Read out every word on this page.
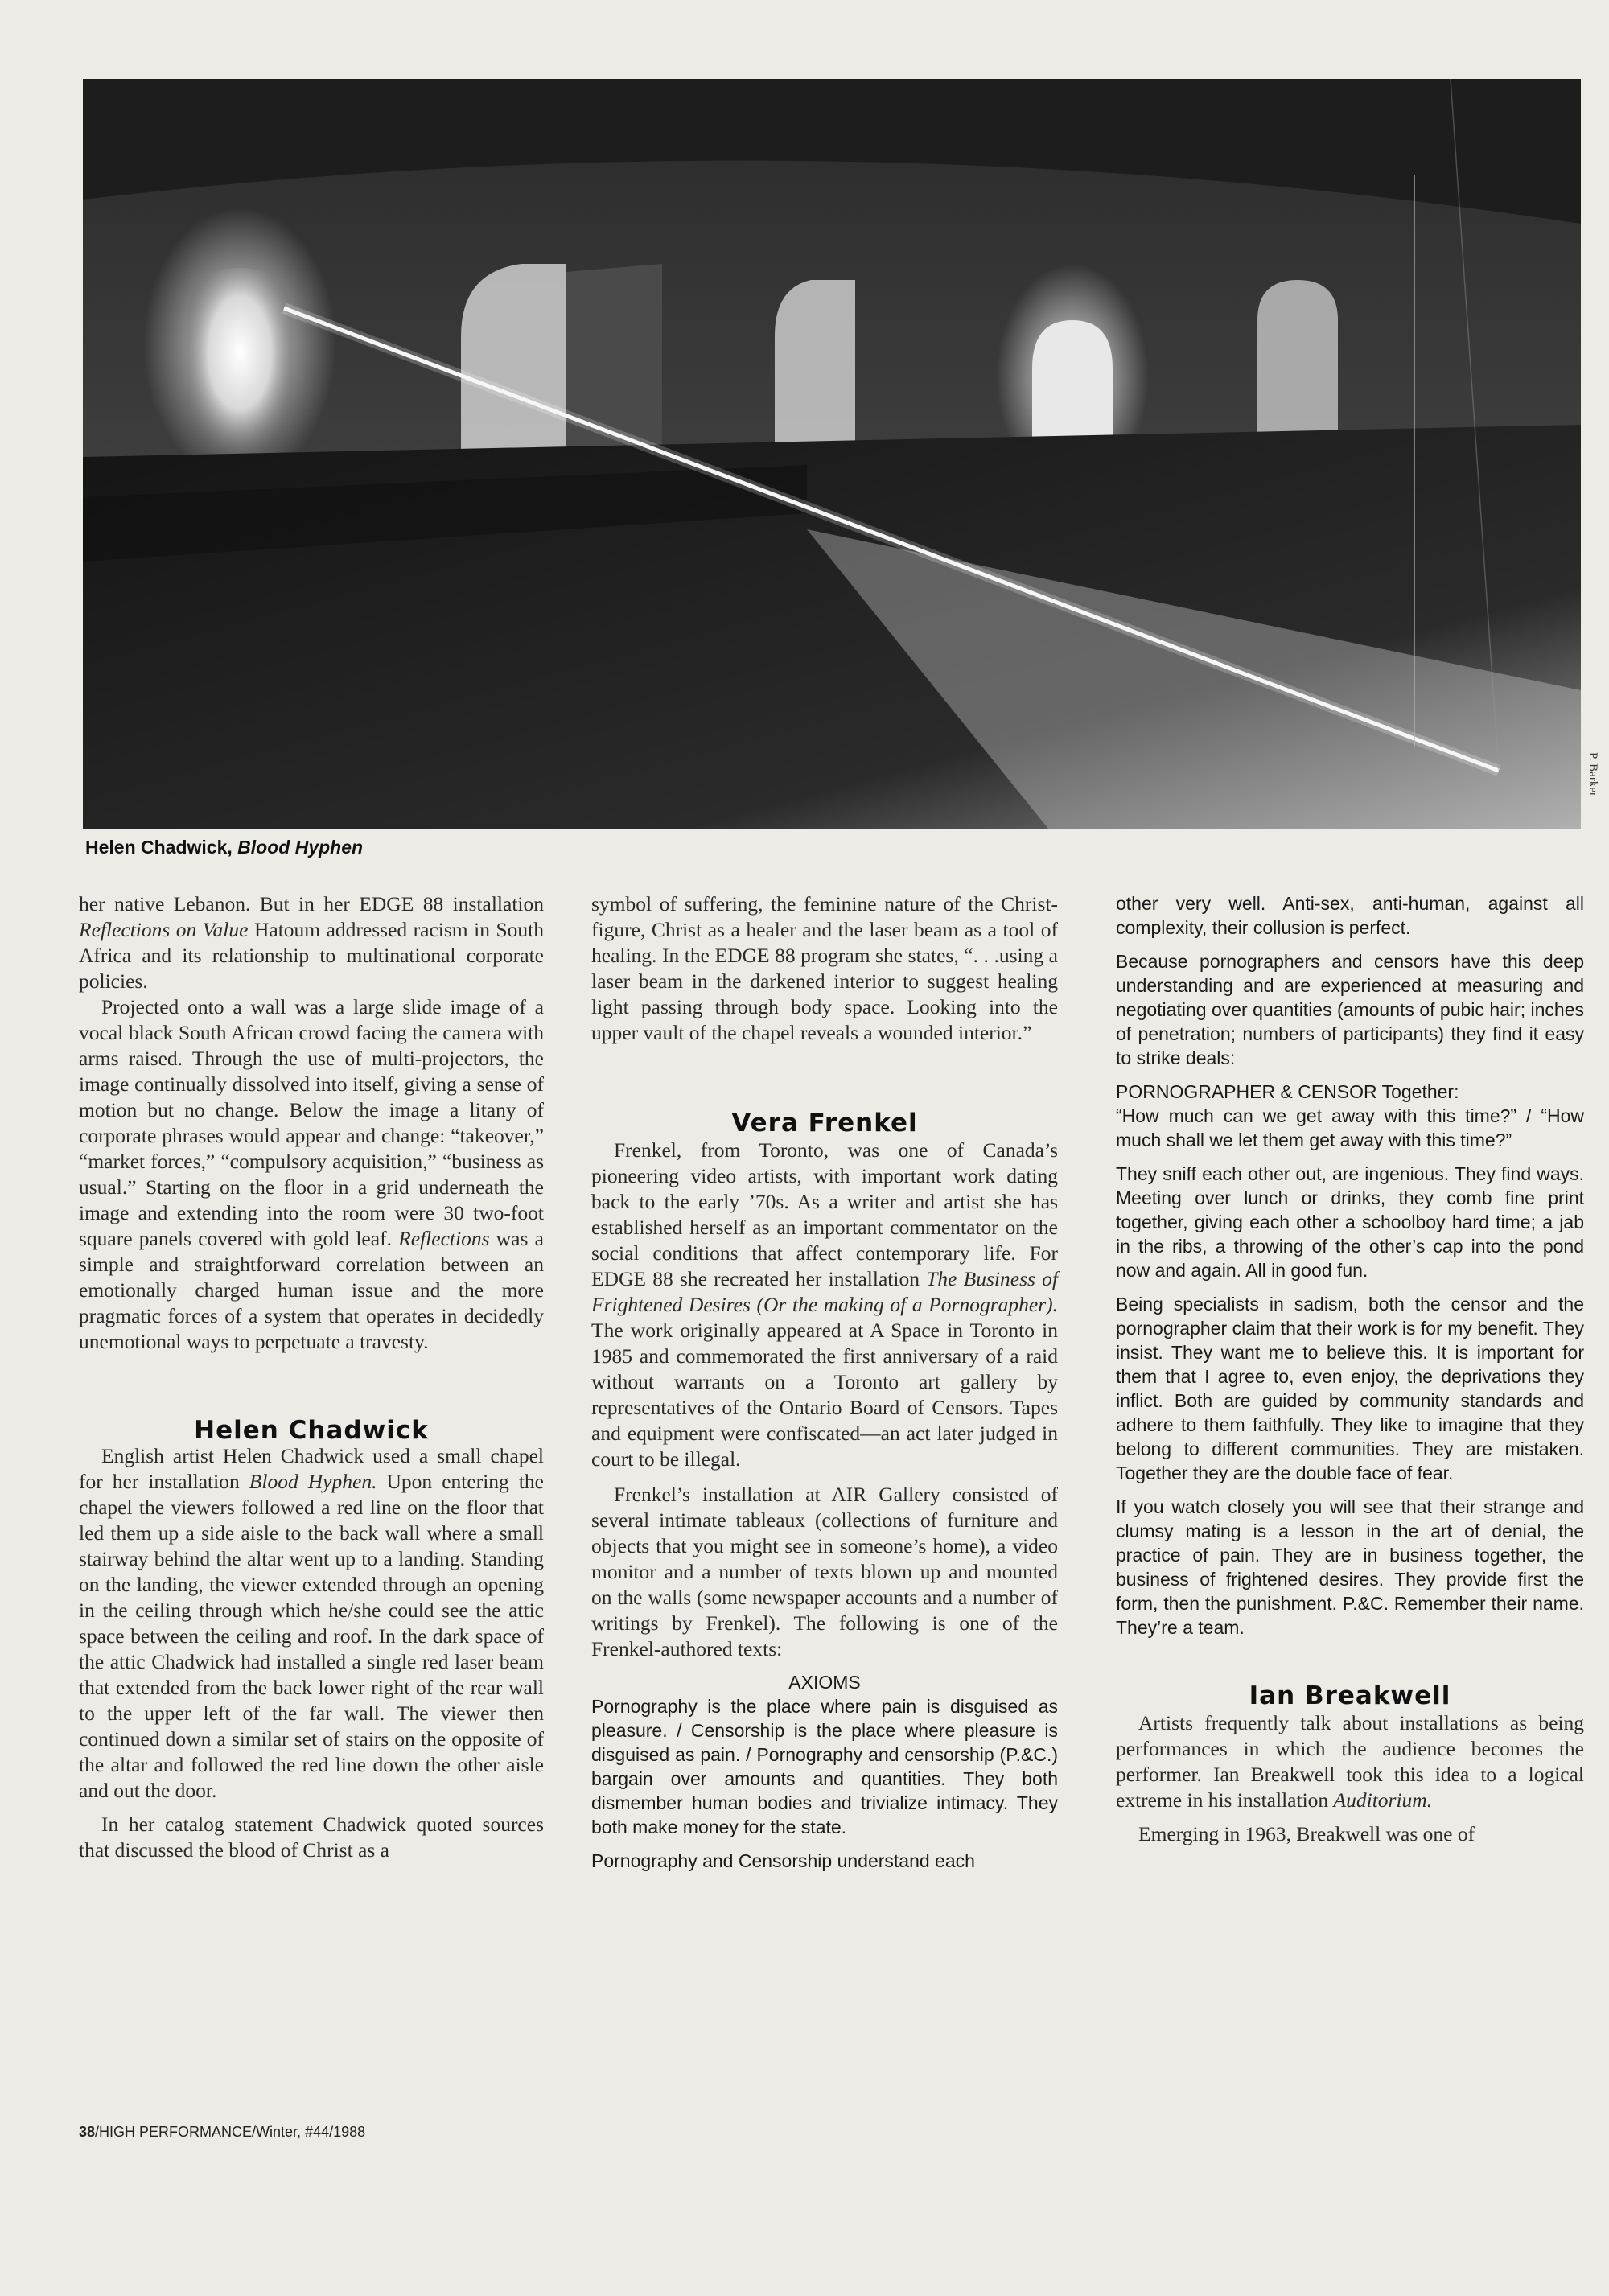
P. Barker
Helen Chadwick, Blood Hyphen

her native Lebanon. But in her EDGE 88 installation Reflections on Value Hatoum addressed racism in South Africa and its relationship to multinational corporate policies.

Projected onto a wall was a large slide image of a vocal black South African crowd facing the camera with arms raised. Through the use of multi-projectors, the image continually dissolved into itself, giving a sense of motion but no change. Below the image a litany of corporate phrases would appear and change: “takeover,” “market forces,” “compulsory acquisition,” “business as usual.” Starting on the floor in a grid underneath the image and extending into the room were 30 two-foot square panels covered with gold leaf. Reflections was a simple and straightforward correlation between an emotionally charged human issue and the more pragmatic forces of a system that operates in decidedly unemotional ways to perpetuate a travesty.

Helen Chadwick

English artist Helen Chadwick used a small chapel for her installation Blood Hyphen. Upon entering the chapel the viewers followed a red line on the floor that led them up a side aisle to the back wall where a small stairway behind the altar went up to a landing. Standing on the landing, the viewer extended through an opening in the ceiling through which he/she could see the attic space between the ceiling and roof. In the dark space of the attic Chadwick had installed a single red laser beam that extended from the back lower right of the rear wall to the upper left of the far wall. The viewer then continued down a similar set of stairs on the opposite of the altar and followed the red line down the other aisle and out the door.

In her catalog statement Chadwick quoted sources that discussed the blood of Christ as a

symbol of suffering, the feminine nature of the Christ-figure, Christ as a healer and the laser beam as a tool of healing. In the EDGE 88 program she states, “. . .using a laser beam in the darkened interior to suggest healing light passing through body space. Looking into the upper vault of the chapel reveals a wounded interior.”

Vera Frenkel

Frenkel, from Toronto, was one of Canada’s pioneering video artists, with important work dating back to the early ’70s. As a writer and artist she has established herself as an important commentator on the social conditions that affect contemporary life. For EDGE 88 she recreated her installation The Business of Frightened Desires (Or the making of a Pornographer). The work originally appeared at A Space in Toronto in 1985 and commemorated the first anniversary of a raid without warrants on a Toronto art gallery by representatives of the Ontario Board of Censors. Tapes and equipment were confiscated—an act later judged in court to be illegal.

Frenkel’s installation at AIR Gallery consisted of several intimate tableaux (collections of furniture and objects that you might see in someone’s home), a video monitor and a number of texts blown up and mounted on the walls (some newspaper accounts and a number of writings by Frenkel). The following is one of the Frenkel-authored texts:

AXIOMS

Pornography is the place where pain is disguised as pleasure. / Censorship is the place where pleasure is disguised as pain. / Pornography and censorship (P.&C.) bargain over amounts and quantities. They both dismember human bodies and trivialize intimacy. They both make money for the state.

Pornography and Censorship understand each

other very well. Anti-sex, anti-human, against all complexity, their collusion is perfect.

Because pornographers and censors have this deep understanding and are experienced at measuring and negotiating over quantities (amounts of pubic hair; inches of penetration; numbers of participants) they find it easy to strike deals:

PORNOGRAPHER & CENSOR Together:

“How much can we get away with this time?” / “How much shall we let them get away with this time?”

They sniff each other out, are ingenious. They find ways. Meeting over lunch or drinks, they comb fine print together, giving each other a schoolboy hard time; a jab in the ribs, a throwing of the other’s cap into the pond now and again. All in good fun.

Being specialists in sadism, both the censor and the pornographer claim that their work is for my benefit. They insist. They want me to believe this. It is important for them that I agree to, even enjoy, the deprivations they inflict. Both are guided by community standards and adhere to them faithfully. They like to imagine that they belong to different communities. They are mistaken. Together they are the double face of fear.

If you watch closely you will see that their strange and clumsy mating is a lesson in the art of denial, the practice of pain. They are in business together, the business of frightened desires. They provide first the form, then the punishment. P.&C. Remember their name. They’re a team.

Ian Breakwell

Artists frequently talk about installations as being performances in which the audience becomes the performer. Ian Breakwell took this idea to a logical extreme in his installation Auditorium.

Emerging in 1963, Breakwell was one of

38/HIGH PERFORMANCE/Winter, #44/1988
